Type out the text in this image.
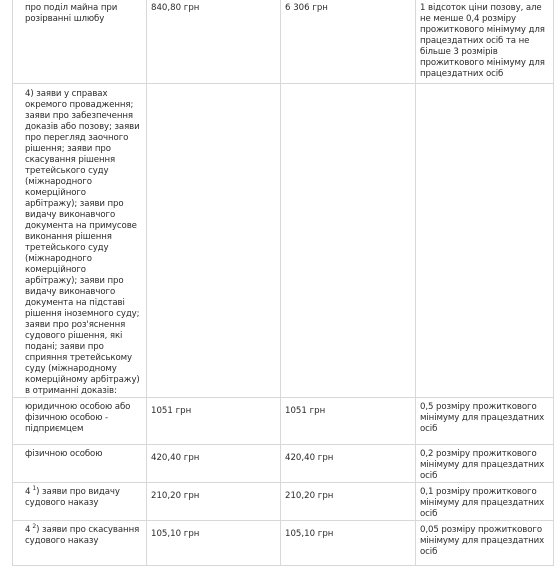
про поділ майна при розірванні шлюбу	840,80 грн	6 306 грн	1 відсоток ціни позову, але не менше 0,4 розміру прожиткового мінімуму для працездатних осіб та не більше 3 розмірів прожиткового мінімуму для працездатних осіб

4) заяви у справах окремого провадження; заяви про забезпечення доказів або позову; заяви про перегляд заочного рішення; заяви про скасування рішення третейського суду (міжнародного комерційного арбітражу); заяви про видачу виконавчого документа на примусове виконання рішення третейського суду (міжнародного комерційного арбітражу); заяви про видачу виконавчого документа на підставі рішення іноземного суду; заяви про роз'яснення судового рішення, які подані; заяви про сприяння третейському суду (міжнародному комерційному арбітражу) в отриманні доказів:			

юридичною особою або фізичною особою - підприємцем	1051 грн	1051 грн	0,5 розміру прожиткового мінімуму для працездатних осіб

фізичною особою	420,40 грн	420,40 грн	0,2 розміру прожиткового мінімуму для працездатних осіб

4 $^1$) заяви про видачу судового наказу	210,20 грн	210,20 грн	0,1 розміру прожиткового мінімуму для працездатних осіб

4 $^2$) заяви про скасування судового наказу	105,10 грн	105,10 грн	0,05 розміру прожиткового мінімуму для працездатних осіб
